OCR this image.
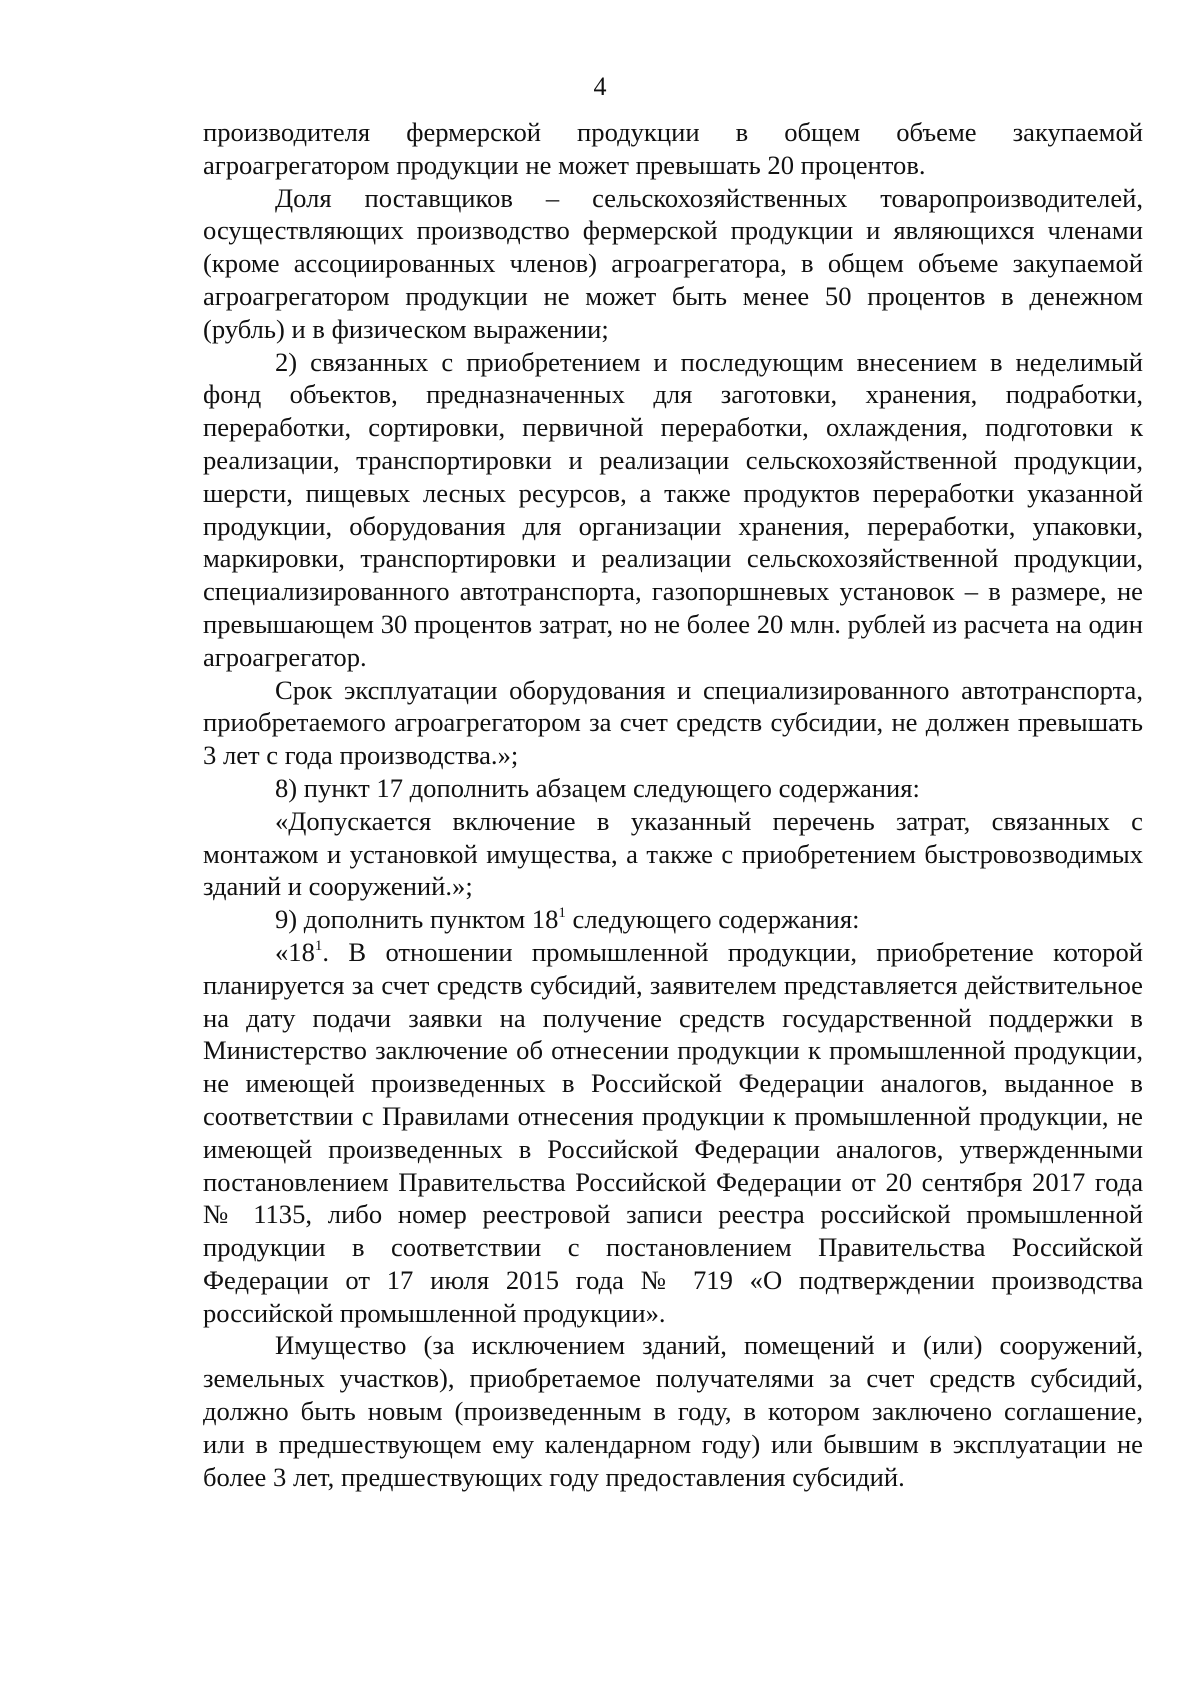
4

производителя фермерской продукции в общем объеме закупаемой агроагрегатором продукции не может превышать 20 процентов.

Доля поставщиков – сельскохозяйственных товаропроизводителей, осуществляющих производство фермерской продукции и являющихся членами (кроме ассоциированных членов) агроагрегатора, в общем объеме закупаемой агроагрегатором продукции не может быть менее 50 процентов в денежном (рубль) и в физическом выражении;

2) связанных с приобретением и последующим внесением в неделимый фонд объектов, предназначенных для заготовки, хранения, подработки, переработки, сортировки, первичной переработки, охлаждения, подготовки к реализации, транспортировки и реализации сельскохозяйственной продукции, шерсти, пищевых лесных ресурсов, а также продуктов переработки указанной продукции, оборудования для организации хранения, переработки, упаковки, маркировки, транспортировки и реализации сельскохозяйственной продукции, специализированного автотранспорта, газопоршневых установок – в размере, не превышающем 30 процентов затрат, но не более 20 млн. рублей из расчета на один агроагрегатор.

Срок эксплуатации оборудования и специализированного автотранспорта, приобретаемого агроагрегатором за счет средств субсидии, не должен превышать 3 лет с года производства.»;

8) пункт 17 дополнить абзацем следующего содержания:

«Допускается включение в указанный перечень затрат, связанных с монтажом и установкой имущества, а также с приобретением быстровозводимых зданий и сооружений.»;

9) дополнить пунктом $18^1$ следующего содержания:

«$18^1$. В отношении промышленной продукции, приобретение которой планируется за счет средств субсидий, заявителем представляется действительное на дату подачи заявки на получение средств государственной поддержки в Министерство заключение об отнесении продукции к промышленной продукции, не имеющей произведенных в Российской Федерации аналогов, выданное в соответствии с Правилами отнесения продукции к промышленной продукции, не имеющей произведенных в Российской Федерации аналогов, утвержденными постановлением Правительства Российской Федерации от 20 сентября 2017 года № 1135, либо номер реестровой записи реестра российской промышленной продукции в соответствии с постановлением Правительства Российской Федерации от 17 июля 2015 года № 719 «О подтверждении производства российской промышленной продукции».

Имущество (за исключением зданий, помещений и (или) сооружений, земельных участков), приобретаемое получателями за счет средств субсидий, должно быть новым (произведенным в году, в котором заключено соглашение, или в предшествующем ему календарном году) или бывшим в эксплуатации не более 3 лет, предшествующих году предоставления субсидий.
